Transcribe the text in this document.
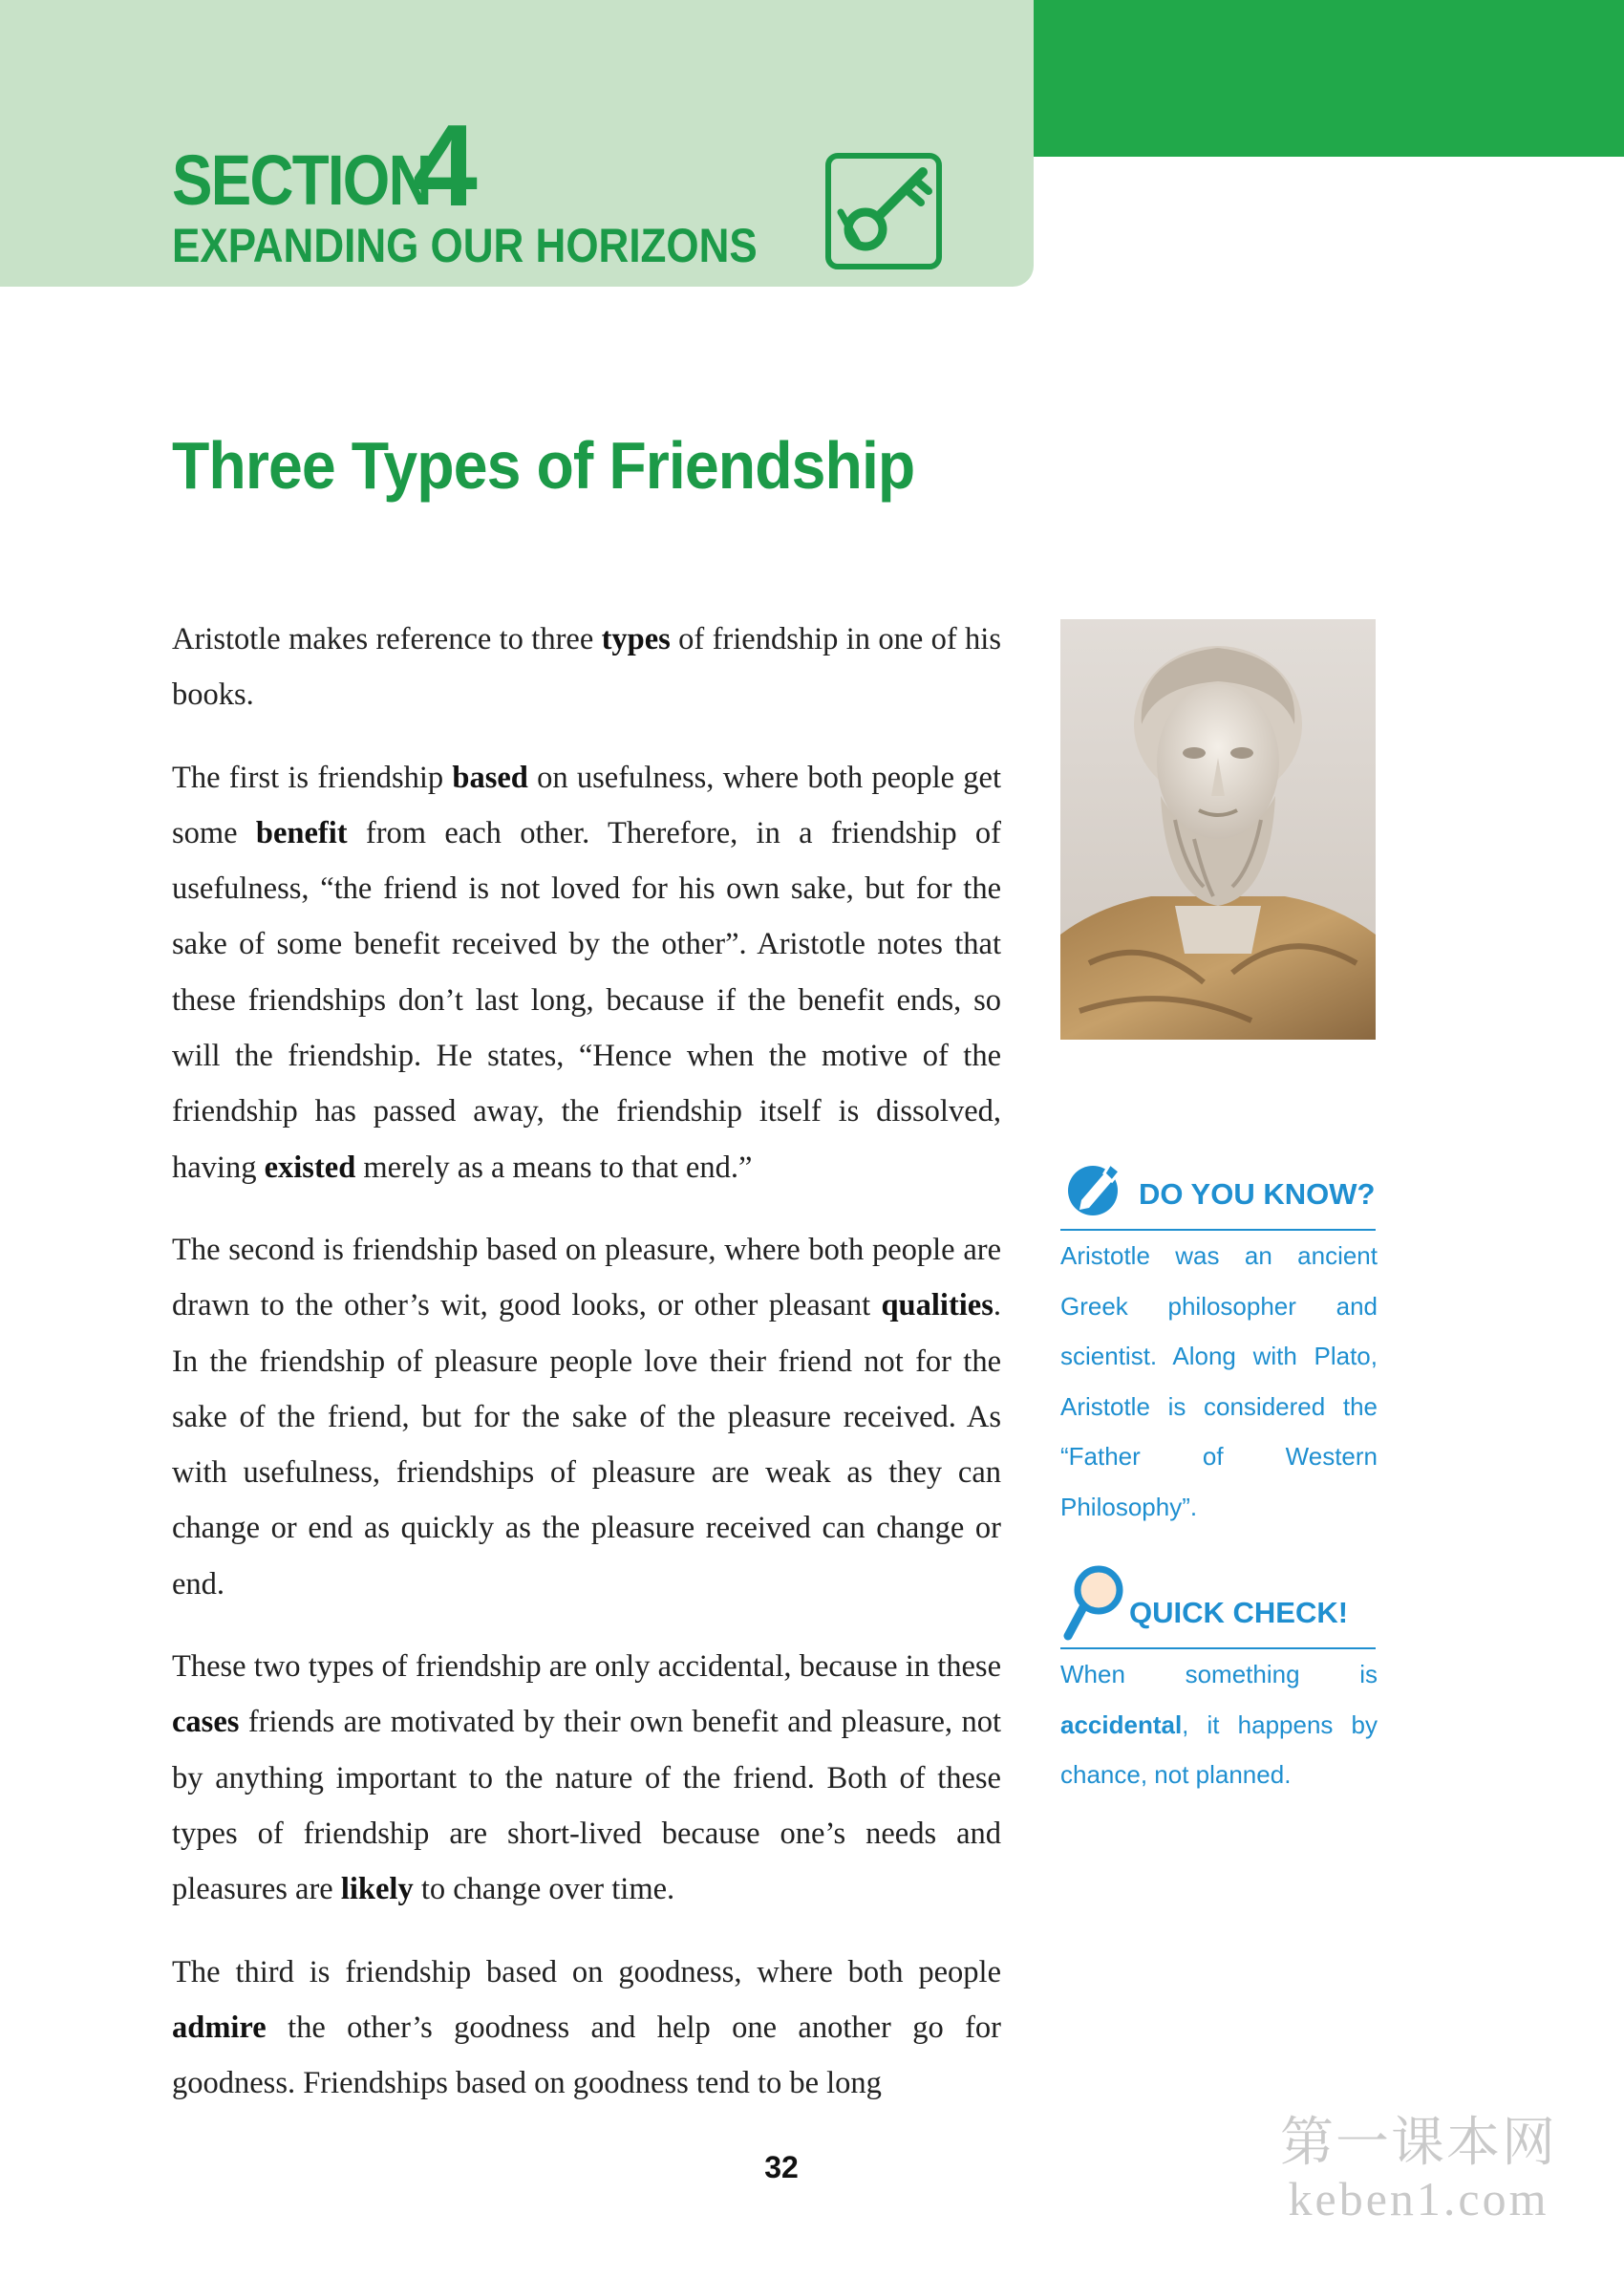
SECTION
4
EXPANDING OUR HORIZONS
Three Types of Friendship

Aristotle makes reference to three types of friendship in one of his books.

The first is friendship based on usefulness, where both people get some benefit from each other. Therefore, in a friendship of usefulness, “the friend is not loved for his own sake, but for the sake of some benefit received by the other”. Aristotle notes that these friendships don’t last long, because if the benefit ends, so will the friendship. He states, “Hence when the motive of the friendship has passed away, the friendship itself is dissolved, having existed merely as a means to that end.”

The second is friendship based on pleasure, where both people are drawn to the other’s wit, good looks, or other pleasant qualities. In the friendship of pleasure people love their friend not for the sake of the friend, but for the sake of the pleasure received. As with usefulness, friendships of pleasure are weak as they can change or end as quickly as the pleasure received can change or end.

These two types of friendship are only accidental, because in these cases friends are motivated by their own benefit and pleasure, not by anything important to the nature of the friend. Both of these types of friendship are short-lived because one’s needs and pleasures are likely to change over time.

The third is friendship based on goodness, where both people admire the other’s goodness and help one another go for goodness. Friendships based on goodness tend to be long

DO YOU KNOW?
Aristotle was an ancient Greek philosopher and scientist. Along with Plato, Aristotle is considered the “Father of Western Philosophy”.
QUICK CHECK!
When something is accidental, it happens by chance, not planned.
32	第一课本网
keben1.com
